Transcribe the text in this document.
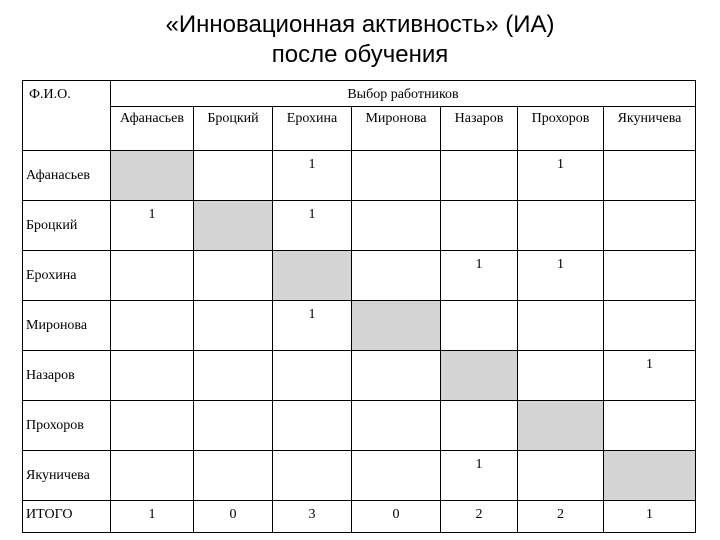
«Инновационная активность» (ИА)
после обучения
Ф.И.О.	Выбор работников						
	Афанасьев	Броцкий	Ерохина	Миронова	Назаров	Прохоров	Якуничева
Афанасьев			1			1	
Броцкий	1		1				
Ерохина					1	1	
Миронова			1				
Назаров							1
Прохоров							
Якуничева					1		
ИТОГО	1	0	3	0	2	2	1
